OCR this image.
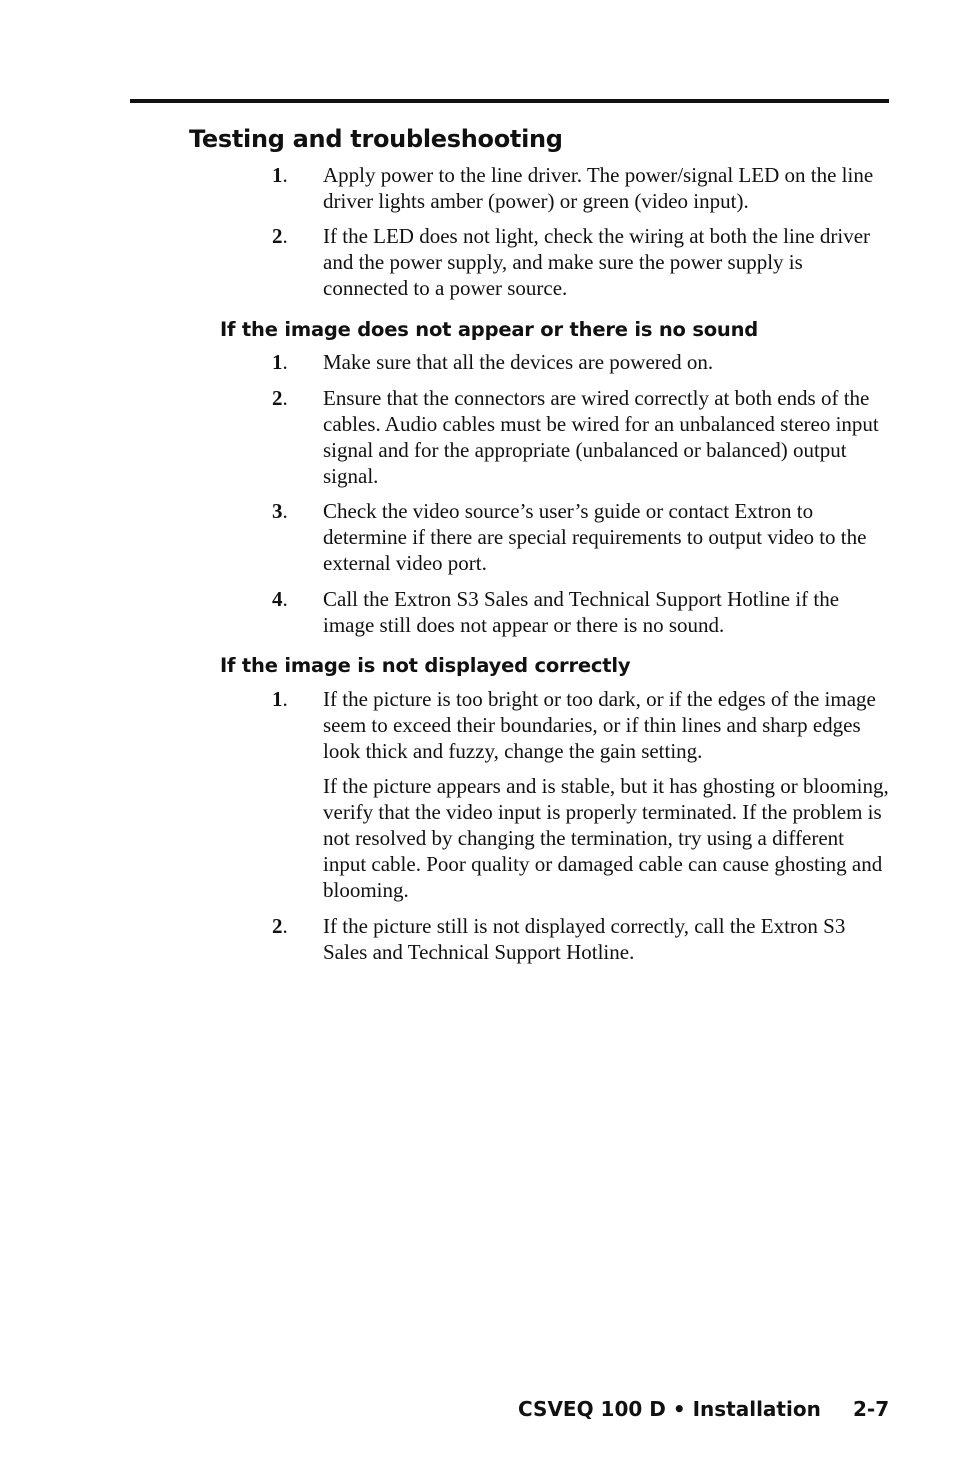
Testing and troubleshooting
1. Apply power to the line driver. The power/signal LED on the line driver lights amber (power) or green (video input).

2. If the LED does not light, check the wiring at both the line driver and the power supply, and make sure the power supply is connected to a power source.

If the image does not appear or there is no sound
1. Make sure that all the devices are powered on.

2. Ensure that the connectors are wired correctly at both ends of the cables. Audio cables must be wired for an unbalanced stereo input signal and for the appropriate (unbalanced or balanced) output signal.

3. Check the video source’s user’s guide or contact Extron to determine if there are special requirements to output video to the external video port.

4. Call the Extron S3 Sales and Technical Support Hotline if the image still does not appear or there is no sound.

If the image is not displayed correctly
1. If the picture is too bright or too dark, or if the edges of the image seem to exceed their boundaries, or if thin lines and sharp edges look thick and fuzzy, change the gain setting.

If the picture appears and is stable, but it has ghosting or blooming, verify that the video input is properly terminated. If the problem is not resolved by changing the termination, try using a different input cable. Poor quality or damaged cable can cause ghosting and blooming.

2. If the picture still is not displayed correctly, call the Extron S3 Sales and Technical Support Hotline.

CSVEQ 100 D • Installation 2-7
